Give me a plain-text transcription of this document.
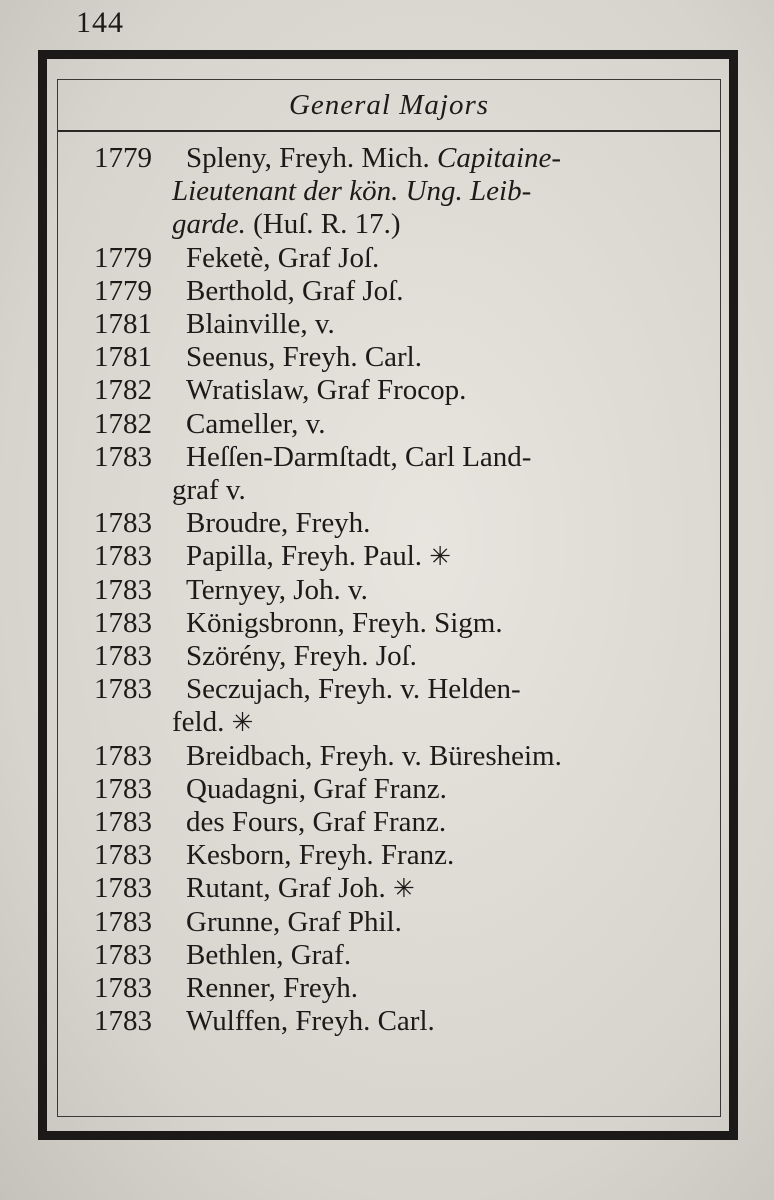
144
General Majors
1779	Spleny, Freyh. Mich. Capitaine-
Lieutenant der kön. Ung. Leib-
garde. (Huſ. R. 17.)
1779	Feketè, Graf Joſ.
1779	Berthold, Graf Joſ.
1781	Blainville, v.
1781	Seenus, Freyh. Carl.
1782	Wratislaw, Graf Frocop.
1782	Cameller, v.
1783	Heſſen-Darmſtadt, Carl Land-
graf v.
1783	Broudre, Freyh.
1783	Papilla, Freyh. Paul. ✳
1783	Ternyey, Joh. v.
1783	Königsbronn, Freyh. Sigm.
1783	Szörény, Freyh. Joſ.
1783	Seczujach, Freyh. v. Helden-
feld. ✳
1783	Breidbach, Freyh. v. Büresheim.
1783	Quadagni, Graf Franz.
1783	des Fours, Graf Franz.
1783	Kesborn, Freyh. Franz.
1783	Rutant, Graf Joh. ✳
1783	Grunne, Graf Phil.
1783	Bethlen, Graf.
1783	Renner, Freyh.
1783	Wulffen, Freyh. Carl.
